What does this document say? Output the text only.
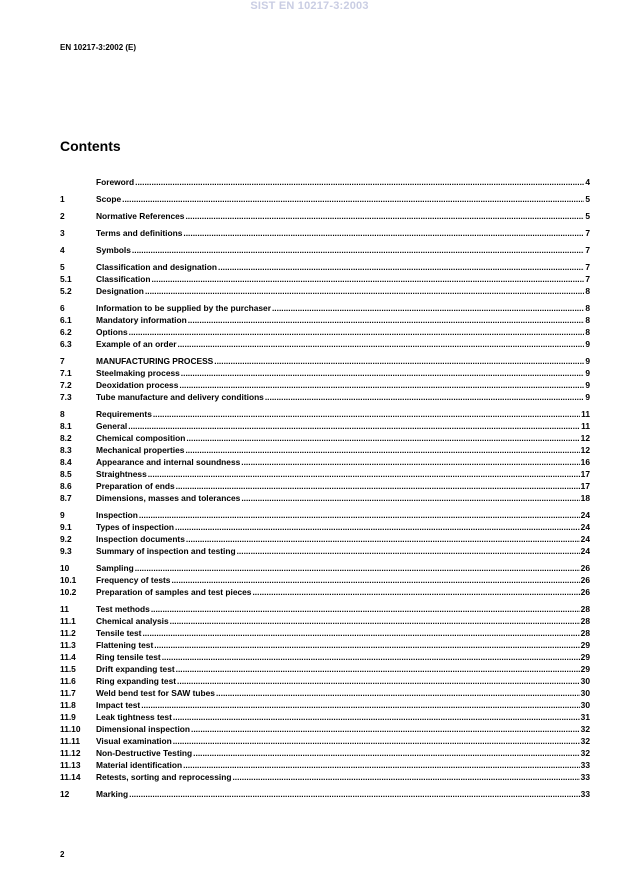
SIST EN 10217-3:2003
EN 10217-3:2002 (E)
Contents
Foreword .....	4
1	Scope .....	5
2	Normative References .....	5
3	Terms and definitions .....	7
4	Symbols .....	7
5	Classification and designation .....	7
5.1	Classification .....	7
5.2	Designation .....	8
6	Information to be supplied by the purchaser .....	8
6.1	Mandatory information .....	8
6.2	Options .....	8
6.3	Example of an order .....	9
7	MANUFACTURING PROCESS .....	9
7.1	Steelmaking process .....	9
7.2	Deoxidation process .....	9
7.3	Tube manufacture and delivery conditions .....	9
8	Requirements .....	11
8.1	General .....	11
8.2	Chemical composition .....	12
8.3	Mechanical properties .....	12
8.4	Appearance and internal soundness .....	16
8.5	Straightness .....	17
8.6	Preparation of ends .....	17
8.7	Dimensions, masses and tolerances .....	18
9	Inspection .....	24
9.1	Types of inspection .....	24
9.2	Inspection documents .....	24
9.3	Summary of inspection and testing .....	24
10	Sampling .....	26
10.1	Frequency of tests .....	26
10.2	Preparation of samples and test pieces .....	26
11	Test methods .....	28
11.1	Chemical analysis .....	28
11.2	Tensile test .....	28
11.3	Flattening test .....	29
11.4	Ring tensile test .....	29
11.5	Drift expanding test .....	29
11.6	Ring expanding test .....	30
11.7	Weld bend test for SAW tubes .....	30
11.8	Impact test .....	30
11.9	Leak tightness test .....	31
11.10	Dimensional inspection .....	32
11.11	Visual examination .....	32
11.12	Non-Destructive Testing .....	32
11.13	Material identification .....	33
11.14	Retests, sorting and reprocessing .....	33
12	Marking .....	33
2
